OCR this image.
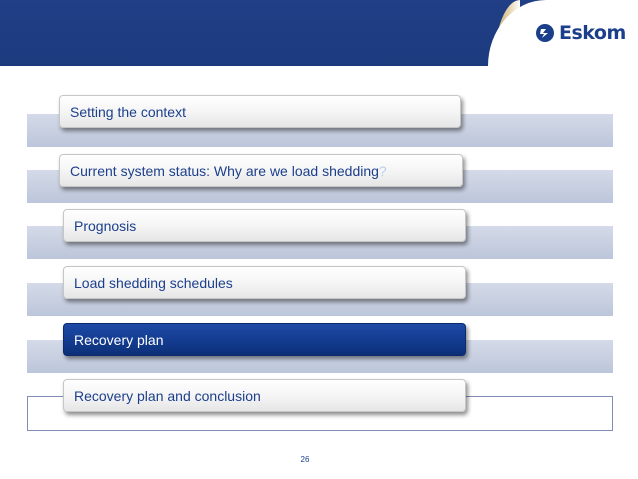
Eskom
Setting the context
Current system status: Why are we load shedding?
Prognosis
Load shedding schedules
Recovery plan
Recovery plan and conclusion
26
